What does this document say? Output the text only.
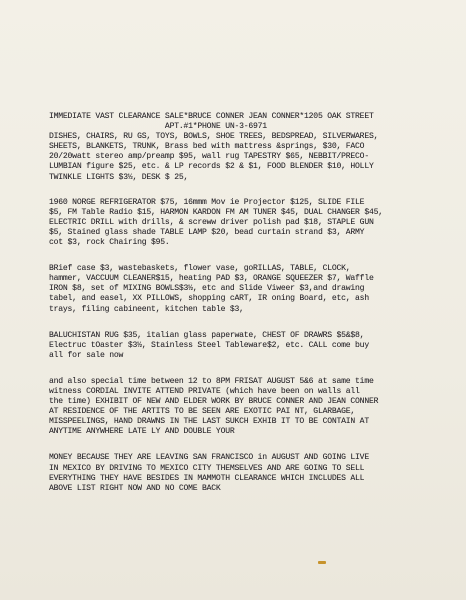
IMMEDIATE VAST CLEARANCE SALE*BRUCE CONNER JEAN CONNER*1205 OAK STREET
APT.#1*PHONE UN-3-6971
DISHES, CHAIRS, RU GS, TOYS, BOWLS, SHOE TREES, BEDSPREAD, SILVERWARES,
SHEETS, BLANKETS, TRUNK, Brass bed with mattress &springs, $30, FACO
20/20watt stereo amp/preamp $95, wall rug TAPESTRY $65, NEBBIT/PRECO-
LUMBIAN figure $25, etc. & LP records $2 & $1, FOOD BLENDER $10, HOLLY
TWINKLE LIGHTS $3½, DESK $ 25,
1960 NORGE REFRIGERATOR $75, 16mmm Mov ie Projector $125, SLIDE FILE
$5, FM Table Radio $15, HARMON KARDON FM AM TUNER $45, DUAL CHANGER $45,
ELECTRIC DRILL with drills, & screww driver polish pad $18, STAPLE GUN
$5, Stained glass shade TABLE LAMP $20, bead curtain strand $3, ARMY
cot $3, rock Chairing $95.
BRief case $3, wastebaskets, flower vase, goRILLAS, TABLE, CLOCK,
hammer, VACCUUM CLEANER$15, heating PAD $3, ORANGE SQUEEZER $7, Waffle
IRON $8, set of MIXING BOWLS$3½, etc and Slide Viweer $3,and drawing
tabel, and easel, XX PILLOWS, shopping cART, IR oning Board, etc, ash
trays, filing cabineent, kitchen table $3,
BALUCHISTAN RUG $35, italian glass paperwate, CHEST OF DRAWRS $5&$8,
Electruc tOaster $3½, Stainless Steel Tableware$2, etc. CALL come buy
all for sale now
and also special time between 12 to 8PM FRISAT AUGUST 5&6 at same time
witness CORDIAL INVITE ATTEND PRIVATE (which have been on walls all
the time) EXHIBIT OF NEW AND ELDER WORK BY BRUCE CONNER AND JEAN CONNER
AT RESIDENCE OF THE ARTITS TO BE SEEN ARE EXOTIC PAI NT, GLARBAGE,
MISSPEELINGS, HAND DRAWNS IN THE LAST SUKCH EXHIB IT TO BE CONTAIN AT
ANYTIME ANYWHERE LATE LY AND DOUBLE YOUR
MONEY BECAUSE THEY ARE LEAVING SAN FRANCISCO in AUGUST AND GOING LIVE
IN MEXICO BY DRIVING TO MEXICO CITY THEMSELVES AND ARE GOING TO SELL
EVERYTHING THEY HAVE BESIDES IN MAMMOTH CLEARANCE WHICH INCLUDES ALL
ABOVE LIST RIGHT NOW AND NO COME BACK
